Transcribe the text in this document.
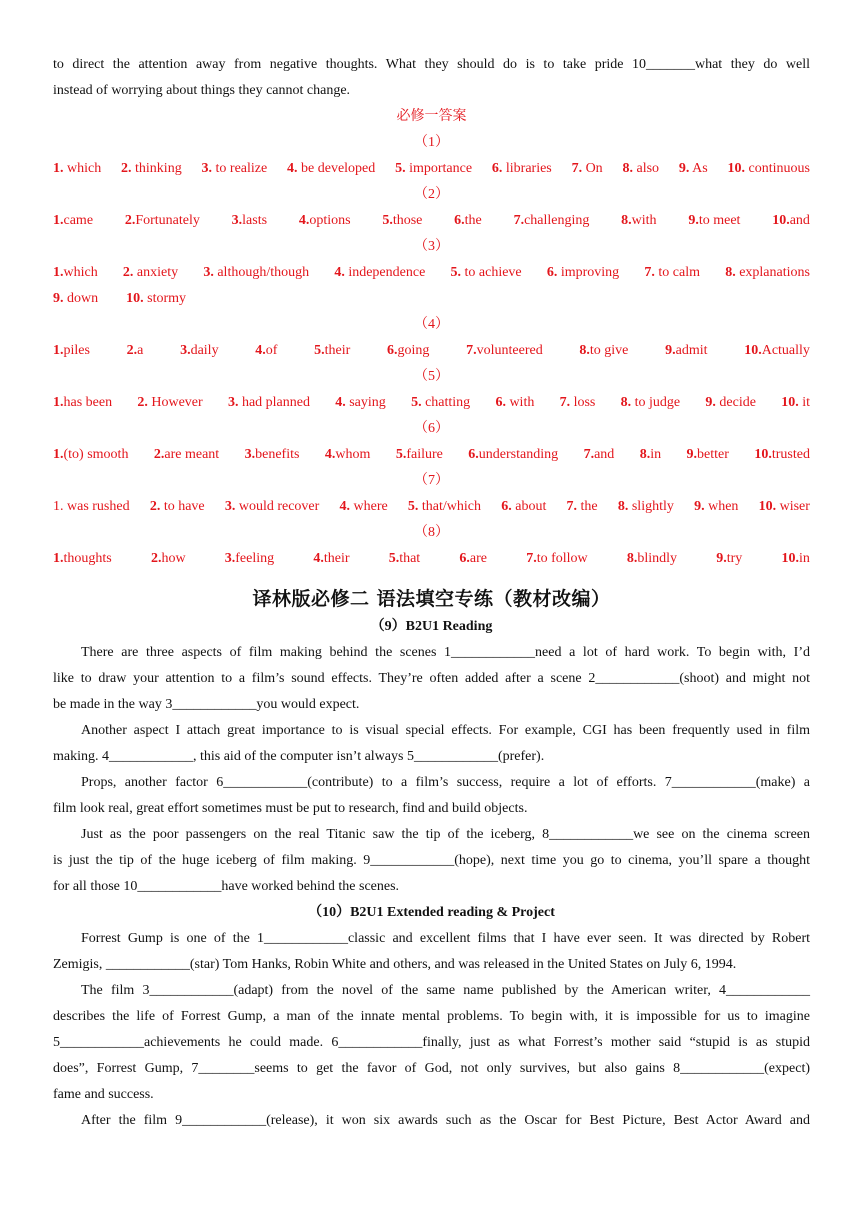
to direct the attention away from negative thoughts. What they should do is to take pride 10_______what they do well
instead of worrying about things they cannot change.
必修一答案
（1）
1. which 2. thinking 3. to realize 4. be developed 5. importance 6. libraries 7. On 8. also 9. As 10. continuous
（2）
1.came 2.Fortunately 3.lasts 4.options 5.those 6.the 7.challenging 8.with 9.to meet 10.and
（3）
1.which 2. anxiety 3. although/though 4. independence 5. to achieve 6. improving 7. to calm 8. explanations
9. down	10. stormy
（4）
1.piles	2.a	3.daily	4.of	5.their	6.going	7.volunteered	8.to give	9.admit	10.Actually
（5）
1.has been 2. However 3. had planned 4. saying 5. chatting 6. with 7. loss 8. to judge 9. decide 10. it
（6）
1.(to) smooth 2.are meant 3.benefits 4.whom 5.failure 6.understanding 7.and 8.in 9.better 10.trusted
（7）
1. was rushed 2. to have 3. would recover 4. where 5. that/which 6. about 7. the 8. slightly 9. when 10. wiser
（8）
1.thoughts	2.how	3.feeling	4.their	5.that	6.are	7.to follow	8.blindly	9.try	10.in
译林版必修二 语法填空专练（教材改编）
（9）B2U1 Reading
There are three aspects of film making behind the scenes 1____________need a lot of hard work. To begin with, I’d
like to draw your attention to a film’s sound effects. They’re often added after a scene 2____________(shoot) and might not
be made in the way 3____________you would expect.
Another aspect I attach great importance to is visual special effects. For example, CGI has been frequently used in film
making. 4____________, this aid of the computer isn’t always 5____________(prefer).
Props, another factor 6____________(contribute) to a film’s success, require a lot of efforts. 7____________(make) a
film look real, great effort sometimes must be put to research, find and build objects.
Just as the poor passengers on the real Titanic saw the tip of the iceberg, 8____________we see on the cinema screen
is just the tip of the huge iceberg of film making. 9____________(hope), next time you go to cinema, you’ll spare a thought
for all those 10____________have worked behind the scenes.
（10）B2U1 Extended reading & Project
Forrest Gump is one of the 1____________classic and excellent films that I have ever seen. It was directed by Robert
Zemigis, ____________(star) Tom Hanks, Robin White and others, and was released in the United States on July 6, 1994.
The film 3____________(adapt) from the novel of the same name published by the American writer, 4____________
describes the life of Forrest Gump, a man of the innate mental problems. To begin with, it is impossible for us to imagine
5____________achievements he could made. 6____________finally, just as what Forrest’s mother said “stupid is as stupid
does”, Forrest Gump, 7________seems to get the favor of God, not only survives, but also gains 8____________(expect)
fame and success.
After the film 9____________(release), it won six awards such as the Oscar for Best Picture, Best Actor Award and
